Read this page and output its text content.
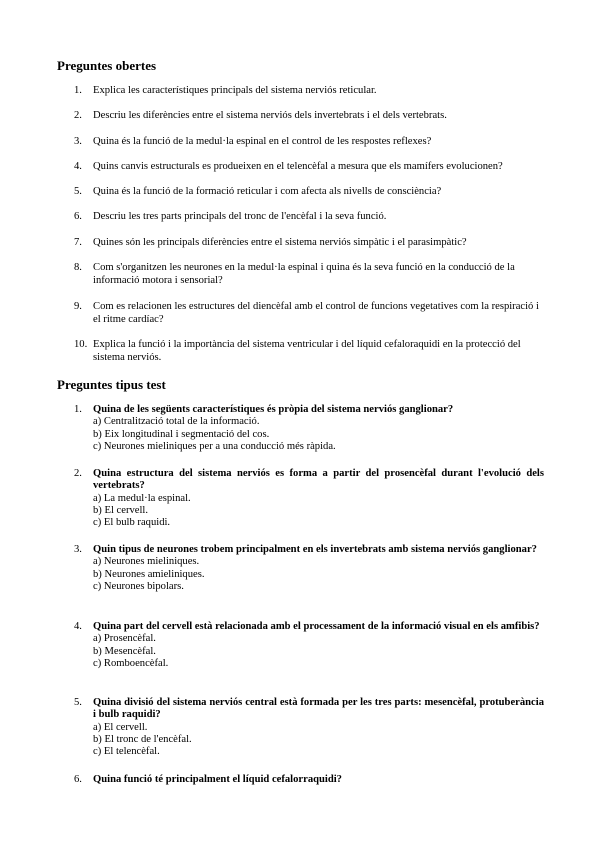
Preguntes obertes
1.	Explica les característiques principals del sistema nerviós reticular.
2.	Descriu les diferències entre el sistema nerviós dels invertebrats i el dels vertebrats.
3.	Quina és la funció de la medul·la espinal en el control de les respostes reflexes?
4.	Quins canvis estructurals es produeixen en el telencèfal a mesura que els mamífers evolucionen?
5.	Quina és la funció de la formació reticular i com afecta als nivells de consciència?
6.	Descriu les tres parts principals del tronc de l'encèfal i la seva funció.
7.	Quines són les principals diferències entre el sistema nerviós simpàtic i el parasimpàtic?
8.	Com s'organitzen les neurones en la medul·la espinal i quina és la seva funció en la conducció de la informació motora i sensorial?
9.	Com es relacionen les estructures del diencèfal amb el control de funcions vegetatives com la respiració i el ritme cardíac?
10. Explica la funció i la importància del sistema ventricular i del líquid cefaloraquidi en la protecció del sistema nerviós.
Preguntes tipus test
1.	Quina de les següents característiques és pròpia del sistema nerviós ganglionar?
a) Centralització total de la informació.
b) Eix longitudinal i segmentació del cos.
c) Neurones mieliniques per a una conducció més ràpida.
2.	Quina estructura del sistema nerviós es forma a partir del prosencèfal durant l'evolució dels vertebrats?
a) La medul·la espinal.
b) El cervell.
c) El bulb raquidi.
3.	Quin tipus de neurones trobem principalment en els invertebrats amb sistema nerviós ganglionar?
a) Neurones mieliniques.
b) Neurones amieliniques.
c) Neurones bipolars.
4.	Quina part del cervell està relacionada amb el processament de la informació visual en els amfibis?
a) Prosencèfal.
b) Mesencèfal.
c) Romboencèfal.
5.	Quina divisió del sistema nerviós central està formada per les tres parts: mesencèfal, protuberància i bulb raquidi?
a) El cervell.
b) El tronc de l'encèfal.
c) El telencèfal.
6.	Quina funció té principalment el líquid cefalorraquidi?
